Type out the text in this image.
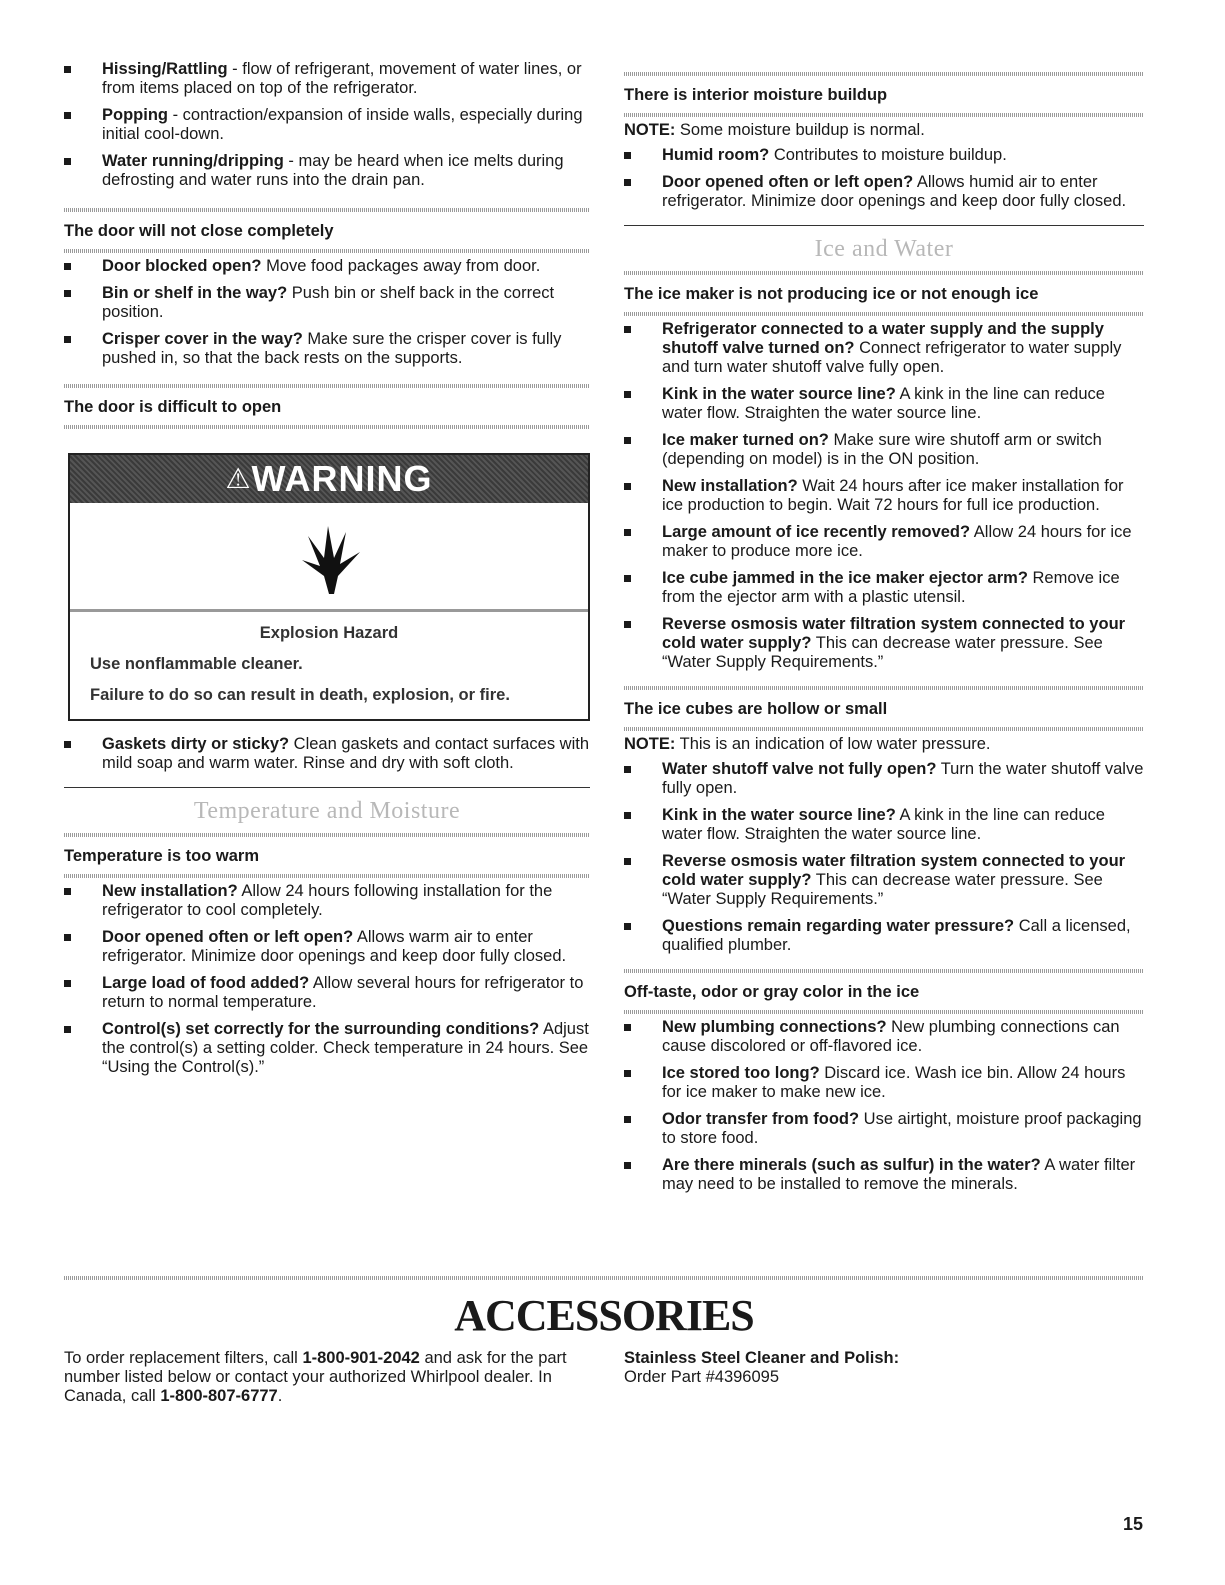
Hissing/Rattling - flow of refrigerant, movement of water lines, or from items placed on top of the refrigerator.
Popping - contraction/expansion of inside walls, especially during initial cool-down.
Water running/dripping - may be heard when ice melts during defrosting and water runs into the drain pan.
The door will not close completely
Door blocked open? Move food packages away from door.
Bin or shelf in the way? Push bin or shelf back in the correct position.
Crisper cover in the way? Make sure the crisper cover is fully pushed in, so that the back rests on the supports.
The door is difficult to open
⚠WARNING
Explosion Hazard
Use nonflammable cleaner.
Failure to do so can result in death, explosion, or fire.
Gaskets dirty or sticky? Clean gaskets and contact surfaces with mild soap and warm water. Rinse and dry with soft cloth.
Temperature and Moisture
Temperature is too warm
New installation? Allow 24 hours following installation for the refrigerator to cool completely.
Door opened often or left open? Allows warm air to enter refrigerator. Minimize door openings and keep door fully closed.
Large load of food added? Allow several hours for refrigerator to return to normal temperature.
Control(s) set correctly for the surrounding conditions? Adjust the control(s) a setting colder. Check temperature in 24 hours. See “Using the Control(s).”
There is interior moisture buildup

NOTE: Some moisture buildup is normal.

Humid room? Contributes to moisture buildup.
Door opened often or left open? Allows humid air to enter refrigerator. Minimize door openings and keep door fully closed.
Ice and Water
The ice maker is not producing ice or not enough ice
Refrigerator connected to a water supply and the supply shutoff valve turned on? Connect refrigerator to water supply and turn water shutoff valve fully open.
Kink in the water source line? A kink in the line can reduce water flow. Straighten the water source line.
Ice maker turned on? Make sure wire shutoff arm or switch (depending on model) is in the ON position.
New installation? Wait 24 hours after ice maker installation for ice production to begin. Wait 72 hours for full ice production.
Large amount of ice recently removed? Allow 24 hours for ice maker to produce more ice.
Ice cube jammed in the ice maker ejector arm? Remove ice from the ejector arm with a plastic utensil.
Reverse osmosis water filtration system connected to your cold water supply? This can decrease water pressure. See “Water Supply Requirements.”
The ice cubes are hollow or small

NOTE: This is an indication of low water pressure.

Water shutoff valve not fully open? Turn the water shutoff valve fully open.
Kink in the water source line? A kink in the line can reduce water flow. Straighten the water source line.
Reverse osmosis water filtration system connected to your cold water supply? This can decrease water pressure. See “Water Supply Requirements.”
Questions remain regarding water pressure? Call a licensed, qualified plumber.
Off-taste, odor or gray color in the ice
New plumbing connections? New plumbing connections can cause discolored or off-flavored ice.
Ice stored too long? Discard ice. Wash ice bin. Allow 24 hours for ice maker to make new ice.
Odor transfer from food? Use airtight, moisture proof packaging to store food.
Are there minerals (such as sulfur) in the water? A water filter may need to be installed to remove the minerals.
ACCESSORIES
To order replacement filters, call 1-800-901-2042 and ask for the part number listed below or contact your authorized Whirlpool dealer. In Canada, call 1-800-807-6777.
Stainless Steel Cleaner and Polish:
Order Part #4396095
15
